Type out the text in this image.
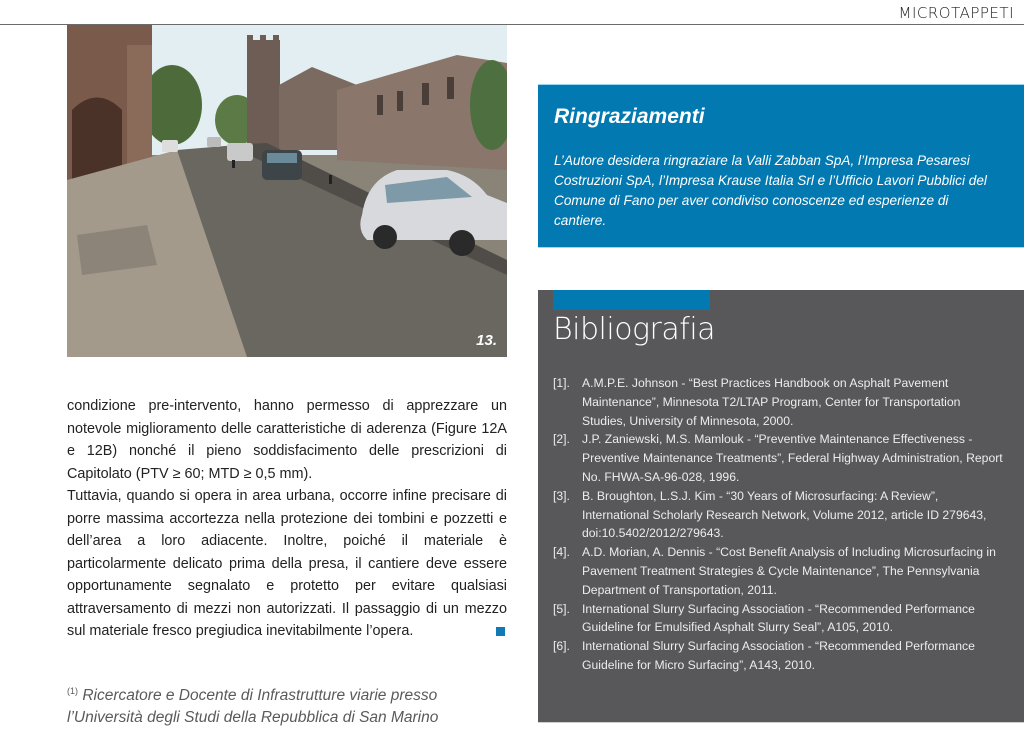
MICROTAPPETI
13.

condizione pre-intervento, hanno permesso di apprezzare un notevole miglioramento delle caratteristiche di aderenza (Figure 12A e 12B) nonché il pieno soddisfacimento delle prescrizioni di Capitolato (PTV ≥ 60; MTD ≥ 0,5 mm).

Tuttavia, quando si opera in area urbana, occorre infine precisare di porre massima accortezza nella protezione dei tombini e pozzetti e dell’area a loro adiacente. Inoltre, poiché il materiale è particolarmente delicato prima della presa, il cantiere deve essere opportunamente segnalato e protetto per evitare qualsiasi attraversamento di mezzi non autorizzati. Il passaggio di un mezzo sul materiale fresco pregiudica inevitabilmente l’opera.

$^{(1)}$ Ricercatore e Docente di Infrastrutture viarie presso l’Università degli Studi della Repubblica di San Marino
Ringraziamenti
L’Autore desidera ringraziare la Valli Zabban SpA, l’Impresa Pesaresi Costruzioni SpA, l’Impresa Krause Italia Srl e l’Ufficio Lavori Pubblici del Comune di Fano per aver condiviso conoscenze ed esperienze di cantiere.
Bibliografia
[1]. A.M.P.E. Johnson - “Best Practices Handbook on Asphalt Pavement Maintenance”, Minnesota T2/LTAP Program, Center for Transportation Studies, University of Minnesota, 2000.
[2]. J.P. Zaniewski, M.S. Mamlouk - “Preventive Maintenance Effectiveness - Preventive Maintenance Treatments”, Federal Highway Administration, Report No. FHWA-SA-96-028, 1996.
[3]. B. Broughton, L.S.J. Kim - “30 Years of Microsurfacing: A Review”, International Scholarly Research Network, Volume 2012, article ID 279643, doi:10.5402/2012/279643.
[4]. A.D. Morian, A. Dennis - “Cost Benefit Analysis of Including Microsurfacing in Pavement Treatment Strategies & Cycle Maintenance”, The Pennsylvania Department of Transportation, 2011.
[5]. International Slurry Surfacing Association - “Recommended Performance Guideline for Emulsified Asphalt Slurry Seal”, A105, 2010.
[6]. International Slurry Surfacing Association - “Recommended Performance Guideline for Micro Surfacing”, A143, 2010.
